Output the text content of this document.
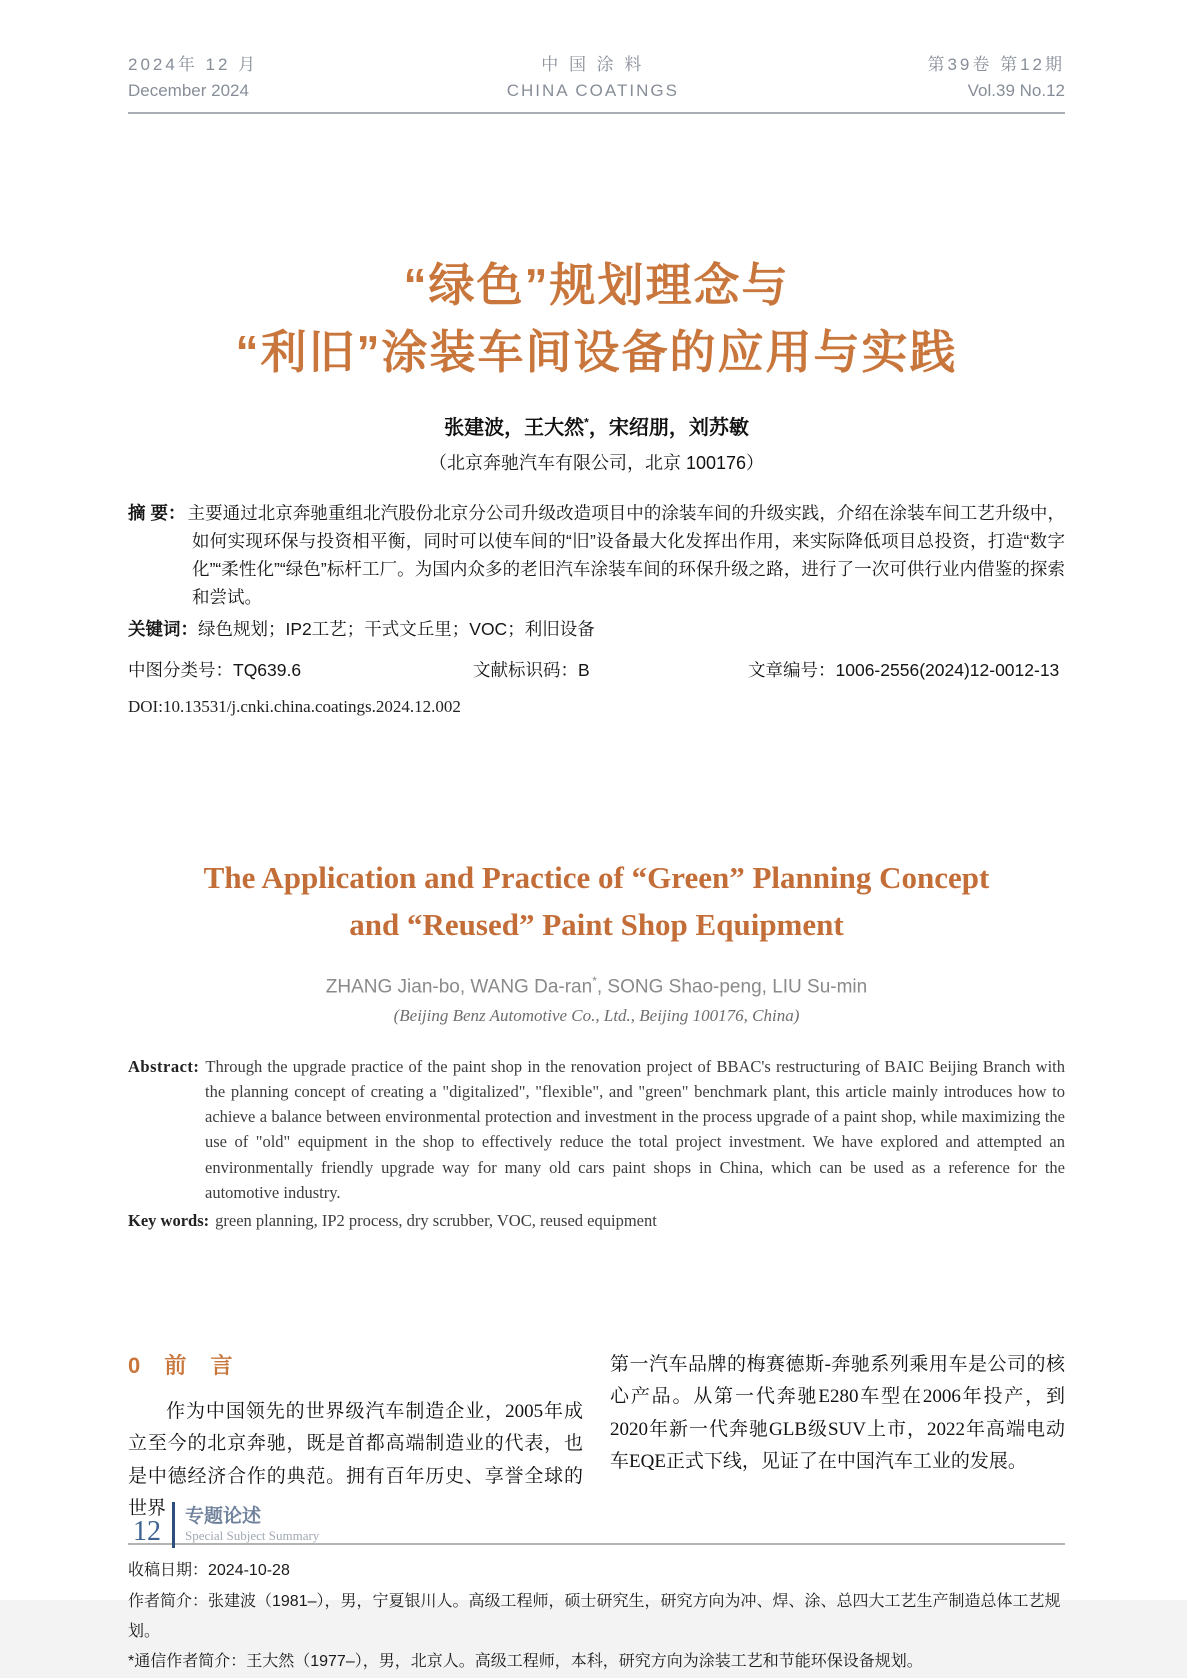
2024年 12 月
December 2024
中 国 涂 料
CHINA COATINGS
第39卷 第12期
Vol.39 No.12
“绿色”规划理念与
“利旧”涂装车间设备的应用与实践
张建波，王大然*，宋绍朋，刘苏敏
（北京奔驰汽车有限公司，北京 100176）

摘 要： 主要通过北京奔驰重组北汽股份北京分公司升级改造项目中的涂装车间的升级实践，介绍在涂装车间工艺升级中，如何实现环保与投资相平衡，同时可以使车间的“旧”设备最大化发挥出作用，来实际降低项目总投资，打造“数字化”“柔性化”“绿色”标杆工厂。为国内众多的老旧汽车涂装车间的环保升级之路，进行了一次可供行业内借鉴的探索和尝试。

关键词：绿色规划；IP2工艺；干式文丘里；VOC；利旧设备

中图分类号：TQ639.6	文献标识码：B	文章编号：1006-2556(2024)12-0012-13
DOI:10.13531/j.cnki.china.coatings.2024.12.002
The Application and Practice of “Green” Planning Concept
and “Reused” Paint Shop Equipment
ZHANG Jian-bo, WANG Da-ran*, SONG Shao-peng, LIU Su-min
(Beijing Benz Automotive Co., Ltd., Beijing 100176, China)

Abstract: Through the upgrade practice of the paint shop in the renovation project of BBAC's restructuring of BAIC Beijing Branch with the planning concept of creating a "digitalized", "flexible", and "green" benchmark plant, this article mainly introduces how to achieve a balance between environmental protection and investment in the process upgrade of a paint shop, while maximizing the use of "old" equipment in the shop to effectively reduce the total project investment. We have explored and attempted an environmentally friendly upgrade way for many old cars paint shops in China, which can be used as a reference for the automotive industry.

Key words: green planning, IP2 process, dry scrubber, VOC, reused equipment

0 前 言

作为中国领先的世界级汽车制造企业，2005年成立至今的北京奔驰，既是首都高端制造业的代表，也是中德经济合作的典范。拥有百年历史、享誉全球的世界

第一汽车品牌的梅赛德斯-奔驰系列乘用车是公司的核心产品。从第一代奔驰E280车型在2006年投产，到2020年新一代奔驰GLB级SUV上市，2022年高端电动车EQE正式下线，见证了在中国汽车工业的发展。

收稿日期：2024-10-28

作者简介：张建波（1981–），男，宁夏银川人。高级工程师，硕士研究生，研究方向为冲、焊、涂、总四大工艺生产制造总体工艺规划。

*通信作者简介：王大然（1977–），男，北京人。高级工程师，本科，研究方向为涂装工艺和节能环保设备规划。

12 专题论述
Special Subject Summary
